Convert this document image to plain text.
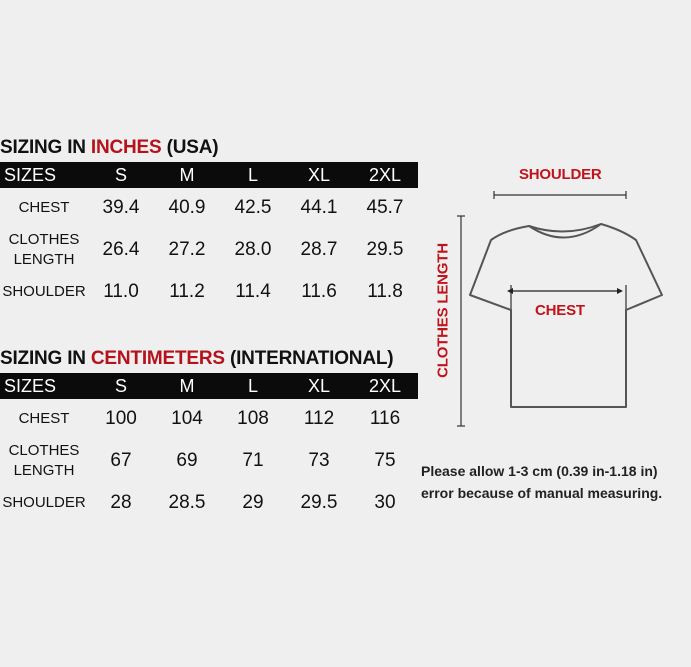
SIZING IN INCHES (USA)
SIZES	S	M	L	XL	2XL
CHEST	39.4	40.9	42.5	44.1	45.7
CLOTHES LENGTH	26.4	27.2	28.0	28.7	29.5
SHOULDER	11.0	11.2	11.4	11.6	11.8
SIZING IN CENTIMETERS (INTERNATIONAL)
SIZES	S	M	L	XL	2XL
CHEST	100	104	108	112	116
CLOTHES LENGTH	67	69	71	73	75
SHOULDER	28	28.5	29	29.5	30
SHOULDER
CHEST
CLOTHES LENGTH
Please allow 1-3 cm (0.39 in-1.18 in) error because of manual measuring.
